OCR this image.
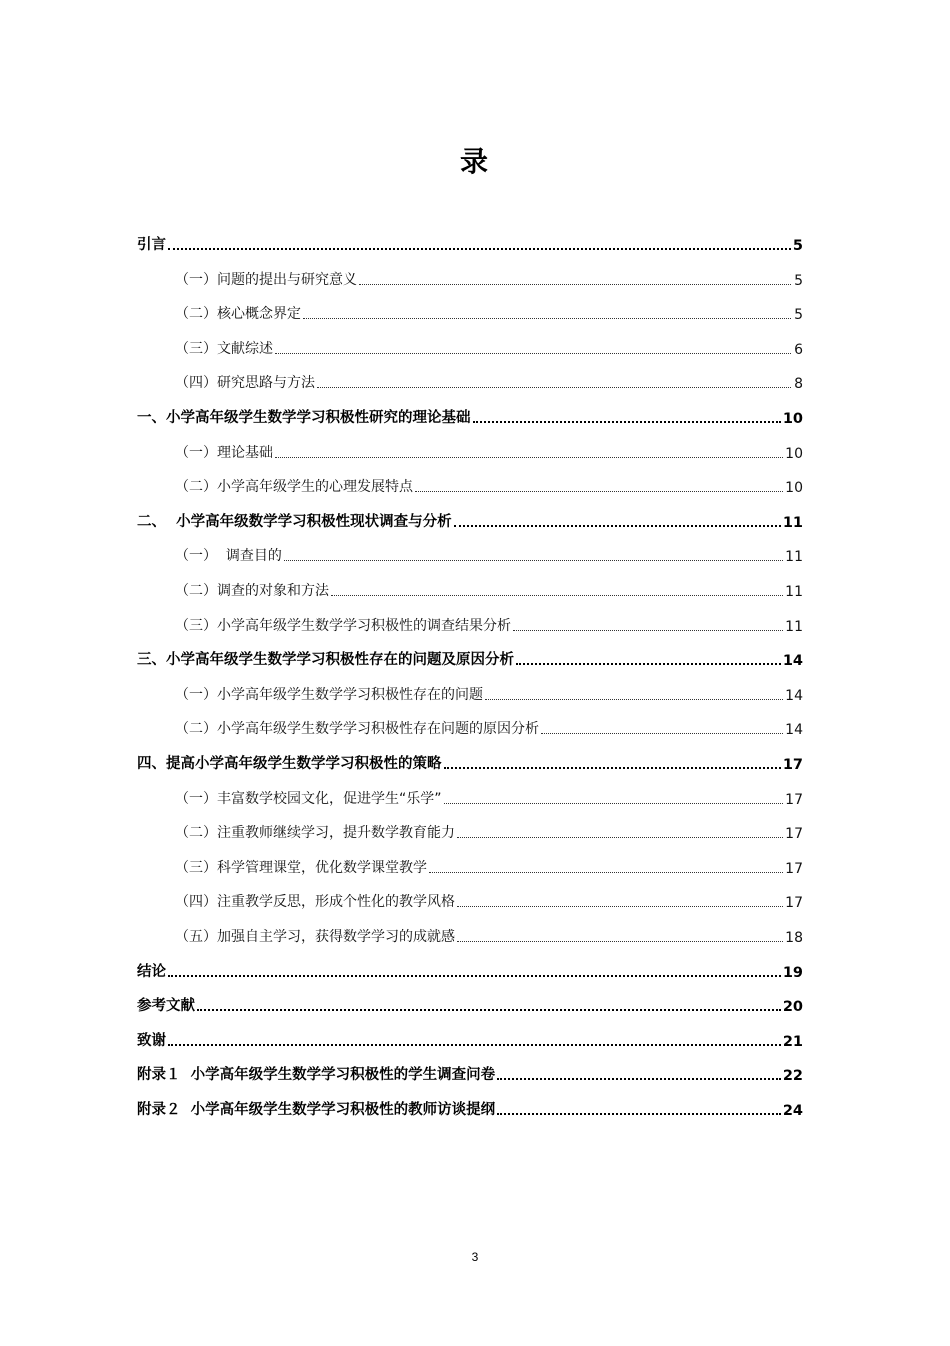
录
引言	5
（一）问题的提出与研究意义	5
（二）核心概念界定	5
（三）文献综述	6
（四）研究思路与方法	8
一、小学高年级学生数学学习积极性研究的理论基础	10
（一）理论基础	10
（二）小学高年级学生的心理发展特点	10
二、  小学高年级数学学习积极性现状调查与分析	11
（一）  调查目的	11
（二）调查的对象和方法	11
（三）小学高年级学生数学学习积极性的调查结果分析	11
三、小学高年级学生数学学习积极性存在的问题及原因分析	14
（一）小学高年级学生数学学习积极性存在的问题	14
（二）小学高年级学生数学学习积极性存在问题的原因分析	14
四、提高小学高年级学生数学学习积极性的策略	17
（一）丰富数学校园文化，促进学生“乐学”	17
（二）注重教师继续学习，提升数学教育能力	17
（三）科学管理课堂，优化数学课堂教学	17
（四）注重教学反思，形成个性化的教学风格	17
（五）加强自主学习，获得数学学习的成就感	18
结论	19
参考文献	20
致谢	21
附录１  小学高年级学生数学学习积极性的学生调查问卷	22
附录２  小学高年级学生数学学习积极性的教师访谈提纲	24
3
